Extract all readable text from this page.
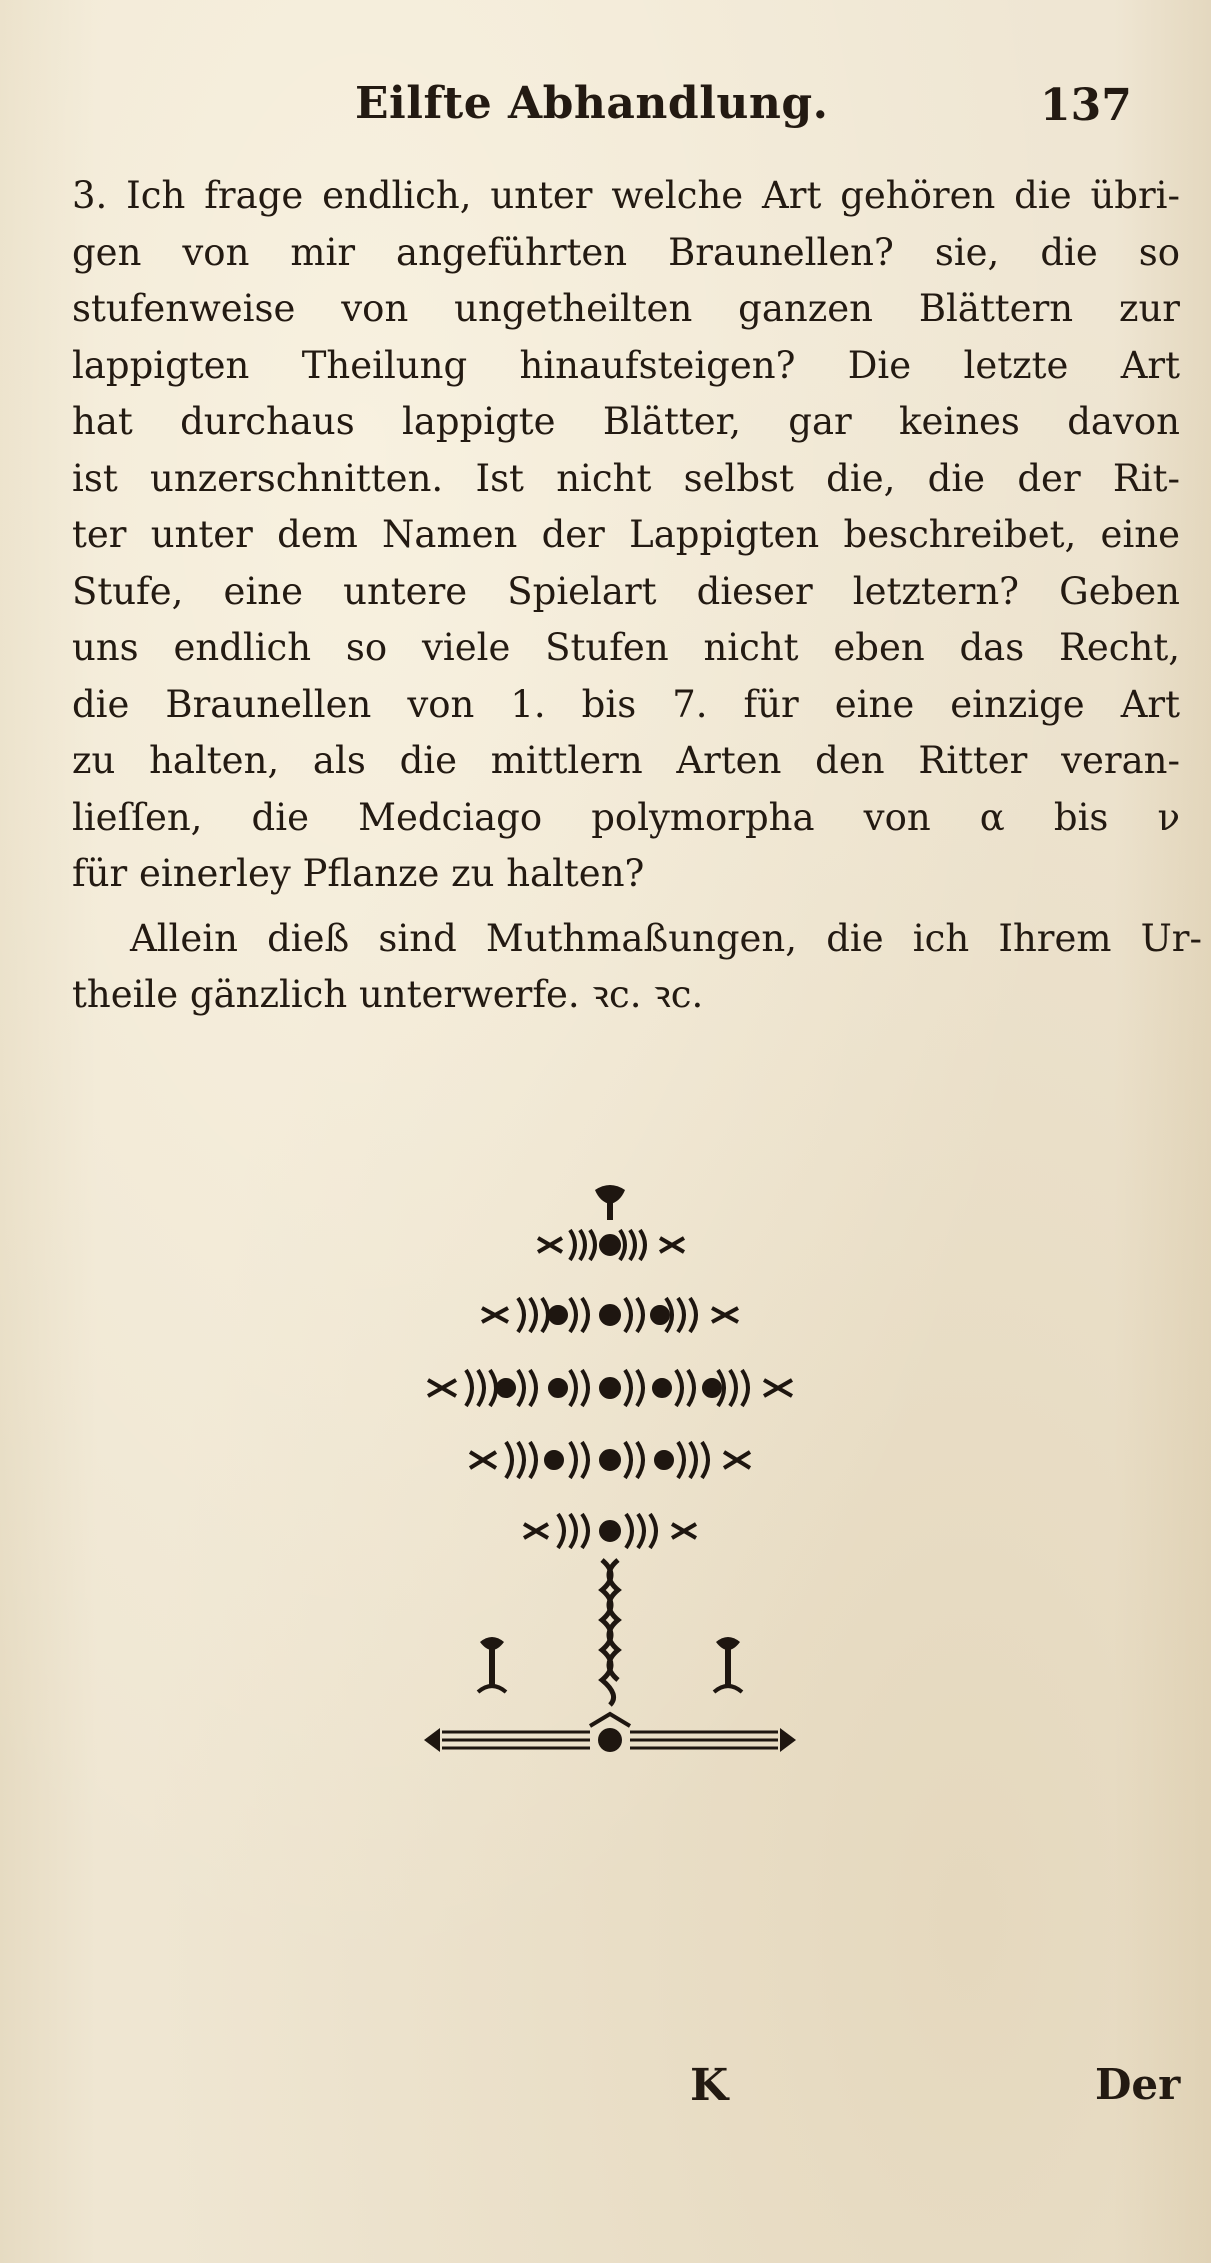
Eilfte Abhandlung.	137
3. Ich frage endlich, unter welche Art gehören die übri-
gen von mir angeführten Braunellen? sie, die so
stufenweise von ungetheilten ganzen Blättern zur
lappigten Theilung hinaufsteigen? Die letzte Art
hat durchaus lappigte Blätter, gar keines davon
ist unzerschnitten. Ist nicht selbst die, die der Rit-
ter unter dem Namen der Lappigten beschreibet, eine
Stufe, eine untere Spielart dieser letztern? Geben
uns endlich so viele Stufen nicht eben das Recht,
die Braunellen von 1. bis 7. für eine einzige Art
zu halten, als die mittlern Arten den Ritter veran-
lieſſen, die Medciago polymorpha von α bis ν
für einerley Pflanze zu halten?
Allein dieß sind Muthmaßungen, die ich Ihrem Ur-
theile gänzlich unterwerfe. ꝛc. ꝛc.
K	Der
